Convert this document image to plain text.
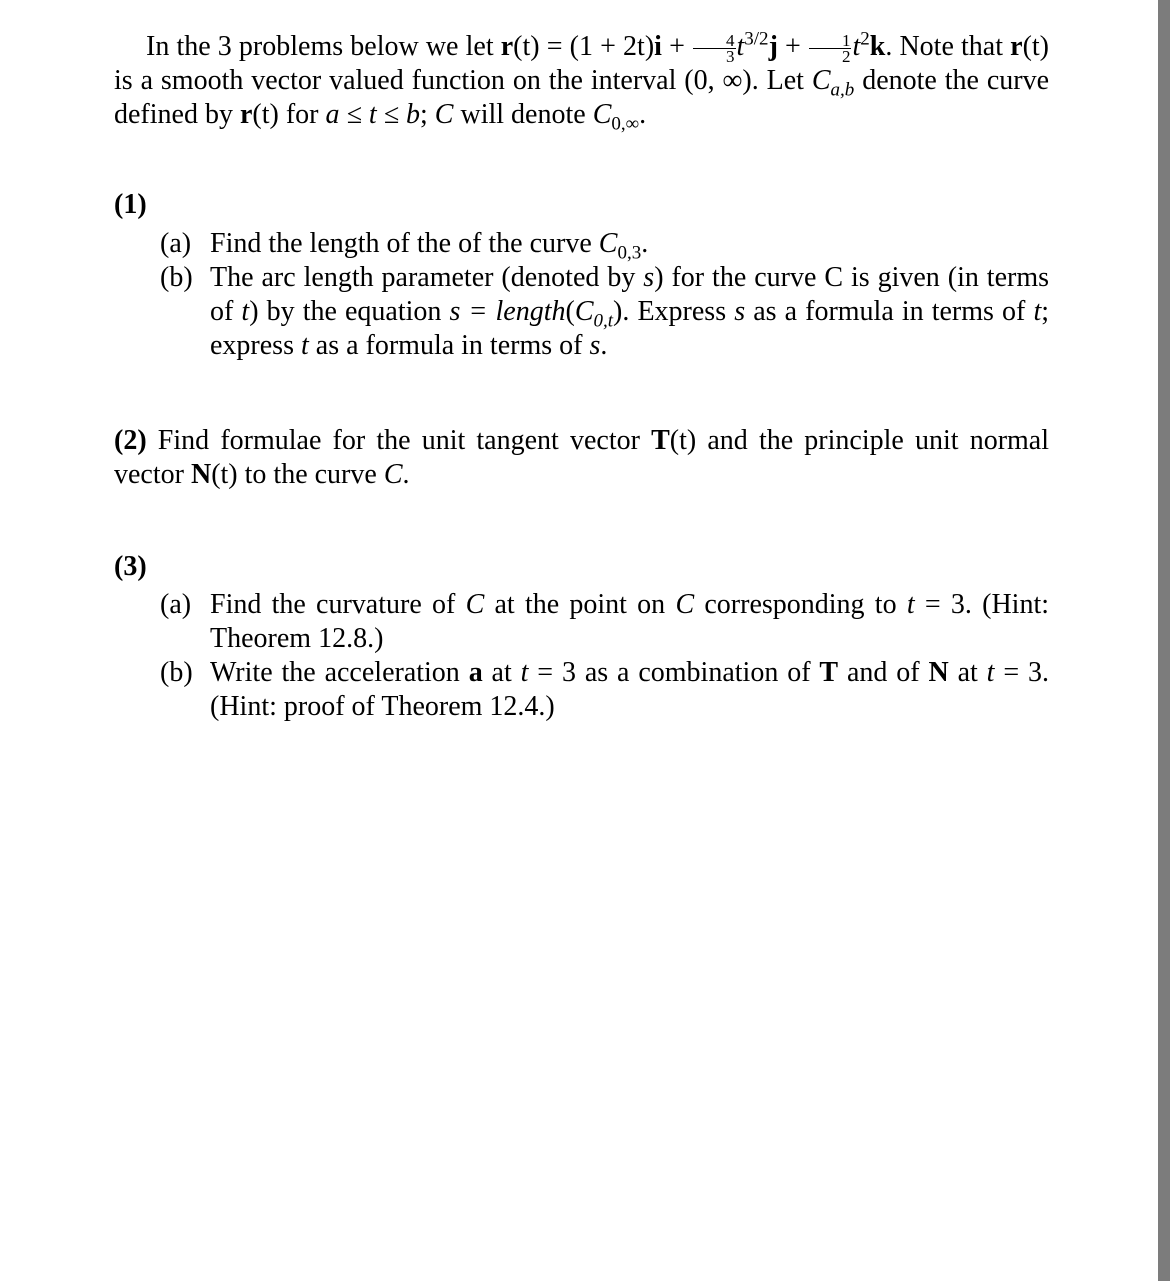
In the 3 problems below we let $r(t) = (1 + 2t)i + \frac{4}{3} t^{3/2}j + \frac{1}{2} t^2k$. Note that r(t) is a smooth vector valued function on the interval (0, ∞). Let $C_{a,b}$ denote the curve defined by r(t) for a ≤ t ≤ b; C will denote $C_{0,\infty}$.
(1)
(a) Find the length of the of the curve $C_{0,3}$.
(b) The arc length parameter (denoted by s) for the curve C is given (in terms of t) by the equation $s = length(C_{0,t})$. Express s as a formula in terms of t; express t as a formula in terms of s.
(2) Find formulae for the unit tangent vector T(t) and the principle unit normal vector N(t) to the curve C.
(3)
(a) Find the curvature of C at the point on C corresponding to t = 3. (Hint: Theorem 12.8.)
(b) Write the acceleration a at t = 3 as a combination of T and of N at t = 3. (Hint: proof of Theorem 12.4.)
